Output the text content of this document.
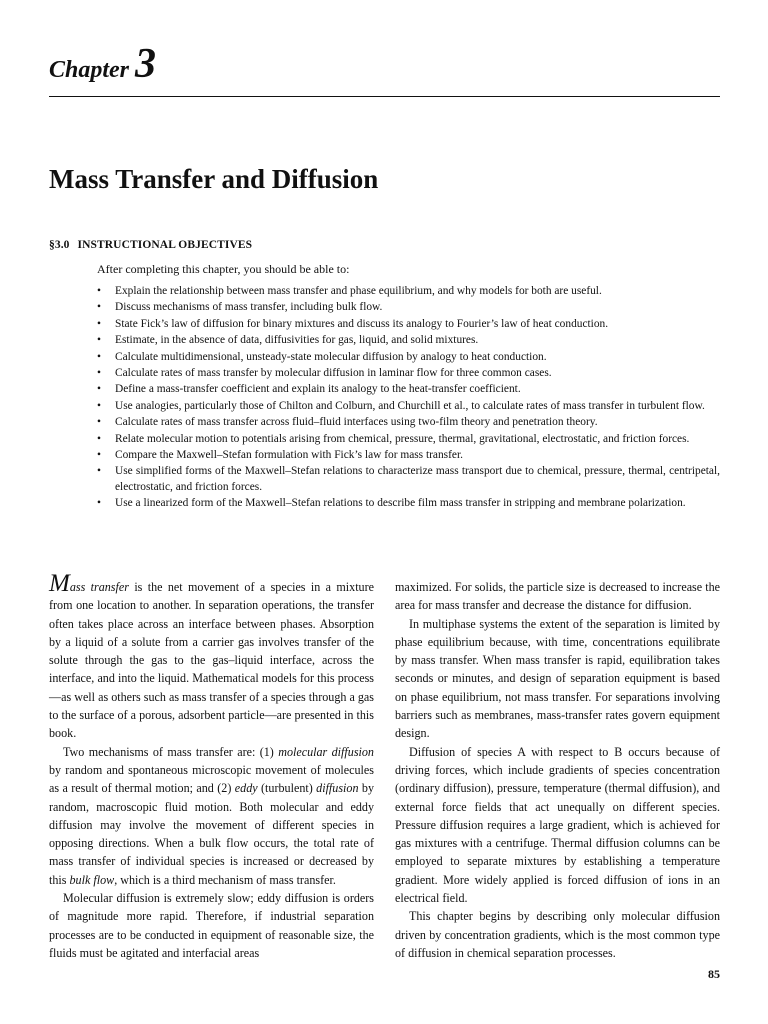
Chapter 3
Mass Transfer and Diffusion
§3.0 INSTRUCTIONAL OBJECTIVES
After completing this chapter, you should be able to:
• Explain the relationship between mass transfer and phase equilibrium, and why models for both are useful.
• Discuss mechanisms of mass transfer, including bulk flow.
• State Fick’s law of diffusion for binary mixtures and discuss its analogy to Fourier’s law of heat conduction.
• Estimate, in the absence of data, diffusivities for gas, liquid, and solid mixtures.
• Calculate multidimensional, unsteady-state molecular diffusion by analogy to heat conduction.
• Calculate rates of mass transfer by molecular diffusion in laminar flow for three common cases.
• Define a mass-transfer coefficient and explain its analogy to the heat-transfer coefficient.
• Use analogies, particularly those of Chilton and Colburn, and Churchill et al., to calculate rates of mass transfer in turbulent flow.
• Calculate rates of mass transfer across fluid–fluid interfaces using two-film theory and penetration theory.
• Relate molecular motion to potentials arising from chemical, pressure, thermal, gravitational, electrostatic, and friction forces.
• Compare the Maxwell–Stefan formulation with Fick’s law for mass transfer.
• Use simplified forms of the Maxwell–Stefan relations to characterize mass transport due to chemical, pressure, thermal, centripetal, electrostatic, and friction forces.
• Use a linearized form of the Maxwell–Stefan relations to describe film mass transfer in stripping and membrane polarization.

Mass transfer is the net movement of a species in a mixture from one location to another. In separation operations, the transfer often takes place across an interface between phases. Absorption by a liquid of a solute from a carrier gas involves transfer of the solute through the gas to the gas–liquid interface, across the interface, and into the liquid. Mathematical models for this process—as well as others such as mass transfer of a species through a gas to the surface of a porous, adsorbent particle—are presented in this book.

Two mechanisms of mass transfer are: (1) molecular diffusion by random and spontaneous microscopic movement of molecules as a result of thermal motion; and (2) eddy (turbulent) diffusion by random, macroscopic fluid motion. Both molecular and eddy diffusion may involve the movement of different species in opposing directions. When a bulk flow occurs, the total rate of mass transfer of individual species is increased or decreased by this bulk flow, which is a third mechanism of mass transfer.

Molecular diffusion is extremely slow; eddy diffusion is orders of magnitude more rapid. Therefore, if industrial separation processes are to be conducted in equipment of reasonable size, the fluids must be agitated and interfacial areas

maximized. For solids, the particle size is decreased to increase the area for mass transfer and decrease the distance for diffusion.

In multiphase systems the extent of the separation is limited by phase equilibrium because, with time, concentrations equilibrate by mass transfer. When mass transfer is rapid, equilibration takes seconds or minutes, and design of separation equipment is based on phase equilibrium, not mass transfer. For separations involving barriers such as membranes, mass-transfer rates govern equipment design.

Diffusion of species A with respect to B occurs because of driving forces, which include gradients of species concentration (ordinary diffusion), pressure, temperature (thermal diffusion), and external force fields that act unequally on different species. Pressure diffusion requires a large gradient, which is achieved for gas mixtures with a centrifuge. Thermal diffusion columns can be employed to separate mixtures by establishing a temperature gradient. More widely applied is forced diffusion of ions in an electrical field.

This chapter begins by describing only molecular diffusion driven by concentration gradients, which is the most common type of diffusion in chemical separation processes.

85
